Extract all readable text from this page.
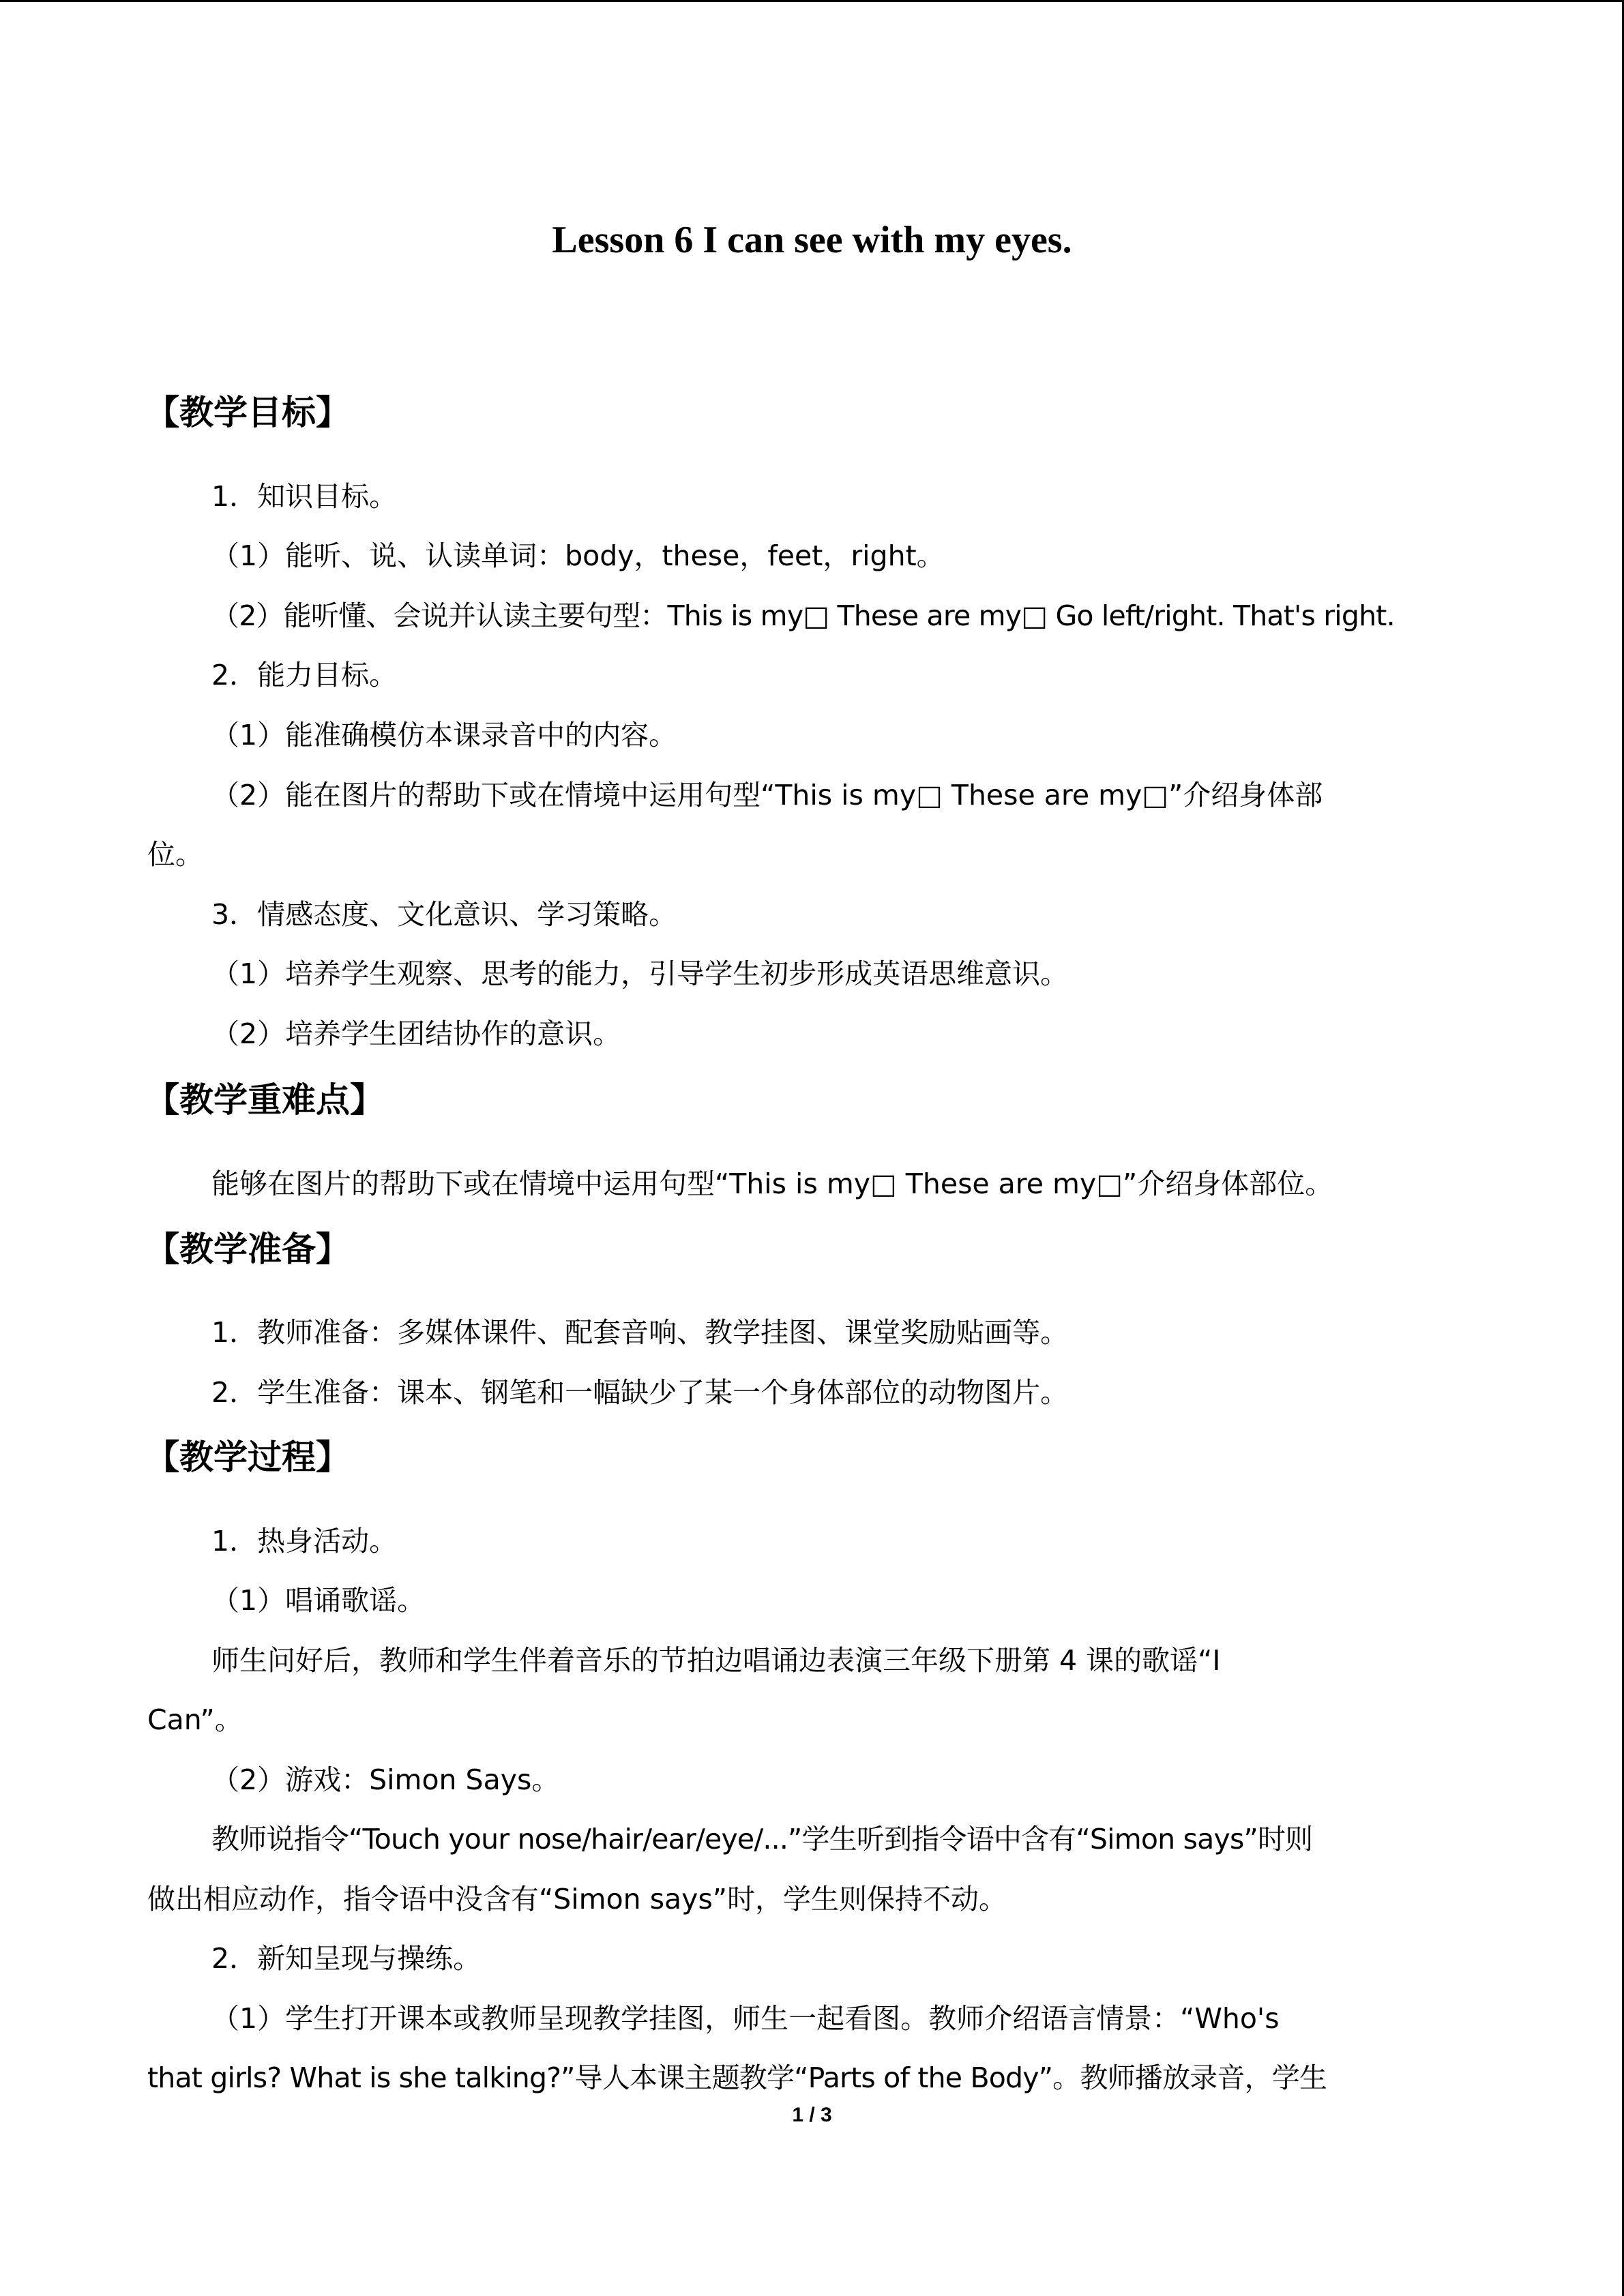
Lesson 6 I can see with my eyes.
【教学目标】
1．知识目标。
（1）能听、说、认读单词：body，these，feet，right。
（2）能听懂、会说并认读主要句型：This is my□ These are my□ Go left/right. That's right.
2．能力目标。
（1）能准确模仿本课录音中的内容。
（2）能在图片的帮助下或在情境中运用句型“This is my□ These are my□”介绍身体部
位。
3．情感态度、文化意识、学习策略。
（1）培养学生观察、思考的能力，引导学生初步形成英语思维意识。
（2）培养学生团结协作的意识。
【教学重难点】
能够在图片的帮助下或在情境中运用句型“This is my□ These are my□”介绍身体部位。
【教学准备】
1．教师准备：多媒体课件、配套音响、教学挂图、课堂奖励贴画等。
2．学生准备：课本、钢笔和一幅缺少了某一个身体部位的动物图片。
【教学过程】
1．热身活动。
（1）唱诵歌谣。
师生问好后，教师和学生伴着音乐的节拍边唱诵边表演三年级下册第 4 课的歌谣“I
Can”。
（2）游戏：Simon Says。
教师说指令“Touch your nose/hair/ear/eye/...”学生听到指令语中含有“Simon says”时则
做出相应动作，指令语中没含有“Simon says”时，学生则保持不动。
2．新知呈现与操练。
（1）学生打开课本或教师呈现教学挂图，师生一起看图。教师介绍语言情景：“Who's
that girls? What is she talking?”导人本课主题教学“Parts of the Body”。教师播放录音，学生
1 / 3
